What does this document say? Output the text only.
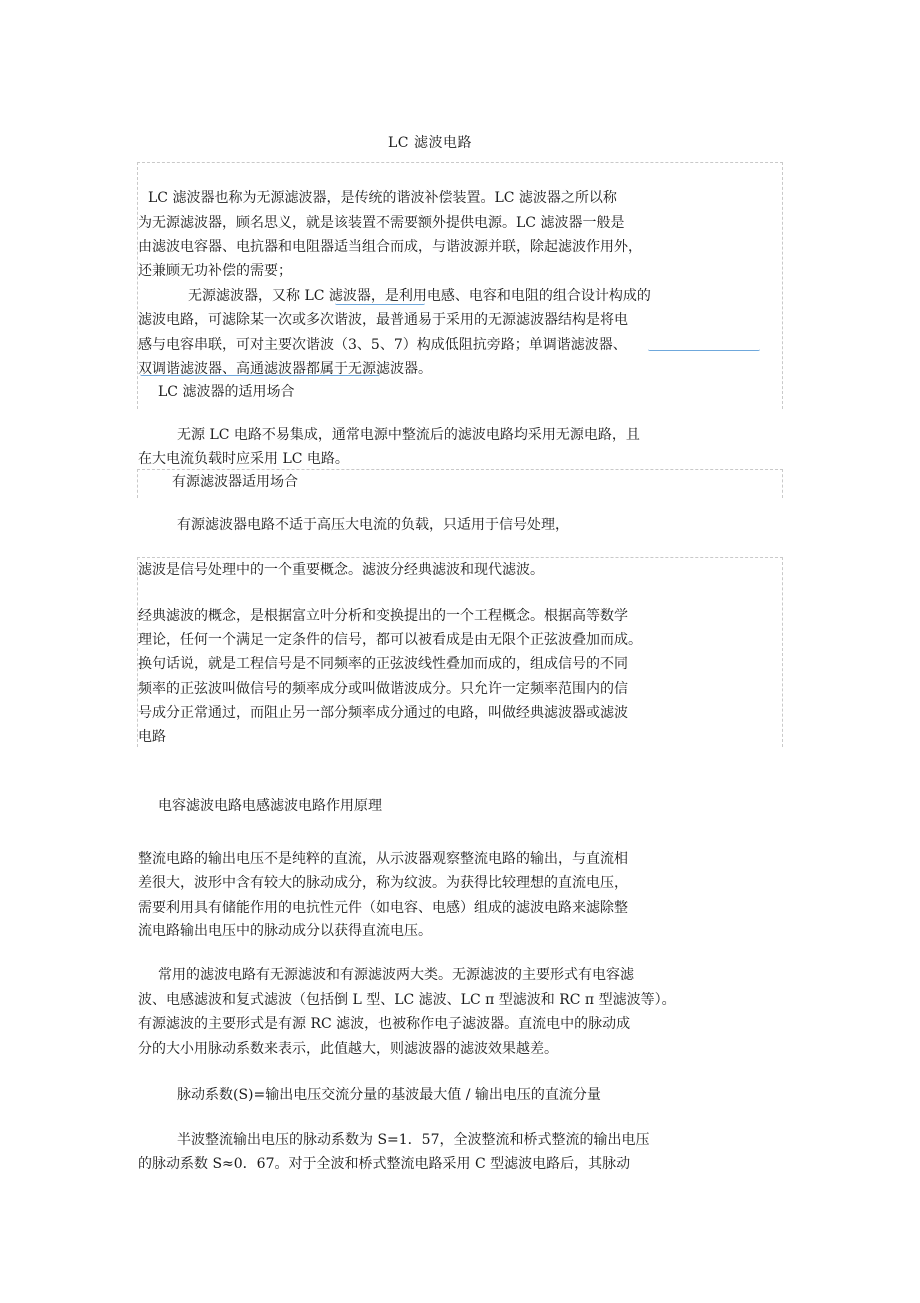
LC 滤波电路
LC 滤波器也称为无源滤波器，是传统的谐波补偿装置。LC 滤波器之所以称
为无源滤波器，顾名思义，就是该装置不需要额外提供电源。LC 滤波器一般是
由滤波电容器、电抗器和电阻器适当组合而成，与谐波源并联，除起滤波作用外，
还兼顾无功补偿的需要；
无源滤波器，又称 LC 滤波器，是利用电感、电容和电阻的组合设计构成的
滤波电路，可滤除某一次或多次谐波，最普通易于采用的无源滤波器结构是将电
感与电容串联，可对主要次谐波（3、5、7）构成低阻抗旁路；单调谐滤波器、
双调谐滤波器、高通滤波器都属于无源滤波器。
LC 滤波器的适用场合
无源 LC 电路不易集成，通常电源中整流后的滤波电路均采用无源电路，且
在大电流负载时应采用 LC 电路。
有源滤波器适用场合
有源滤波器电路不适于高压大电流的负载，只适用于信号处理，
滤波是信号处理中的一个重要概念。滤波分经典滤波和现代滤波。
经典滤波的概念，是根据富立叶分析和变换提出的一个工程概念。根据高等数学
理论，任何一个满足一定条件的信号，都可以被看成是由无限个正弦波叠加而成。
换句话说，就是工程信号是不同频率的正弦波线性叠加而成的，组成信号的不同
频率的正弦波叫做信号的频率成分或叫做谐波成分。只允许一定频率范围内的信
号成分正常通过，而阻止另一部分频率成分通过的电路，叫做经典滤波器或滤波
电路
电容滤波电路电感滤波电路作用原理
整流电路的输出电压不是纯粹的直流，从示波器观察整流电路的输出，与直流相
差很大，波形中含有较大的脉动成分，称为纹波。为获得比较理想的直流电压，
需要利用具有储能作用的电抗性元件（如电容、电感）组成的滤波电路来滤除整
流电路输出电压中的脉动成分以获得直流电压。
常用的滤波电路有无源滤波和有源滤波两大类。无源滤波的主要形式有电容滤
波、电感滤波和复式滤波（包括倒 L 型、LC 滤波、LC π 型滤波和 RC π 型滤波等）。
有源滤波的主要形式是有源 RC 滤波，也被称作电子滤波器。直流电中的脉动成
分的大小用脉动系数来表示，此值越大，则滤波器的滤波效果越差。
脉动系数(S)=输出电压交流分量的基波最大值 / 输出电压的直流分量
半波整流输出电压的脉动系数为 S=1．57，全波整流和桥式整流的输出电压
的脉动系数 S≈0．67。对于全波和桥式整流电路采用 C 型滤波电路后，其脉动
